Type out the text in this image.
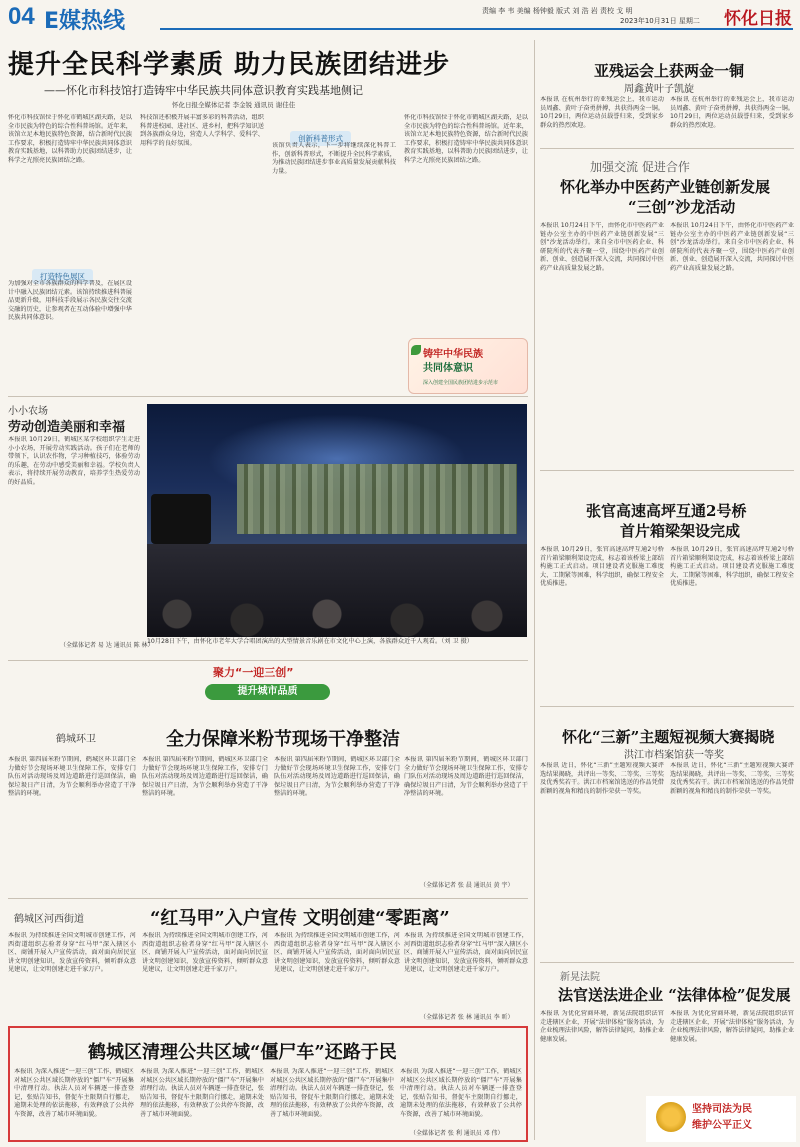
04 E媒热线	责编 李 韦 美编 杨钟毅 版式 刘 浩 岩 责校 戈 明
2023年10月31日 星期二 怀化日报
提升全民科学素质 助力民族团结进步
——怀化市科技馆打造铸牢中华民族共同体意识教育实践基地侧记
怀化日报全媒体记者 李金锐 通讯员 谢佳佳
怀化市科技馆位于怀化市鹤城区湖天路，是以全市民族为特色的综合性科普场馆。近年来，该馆立足本地民族特色资源，结合新时代民族工作要求，积极打造铸牢中华民族共同体意识教育实践基地，以科普助力民族团结进步，让科学之光照亮民族团结之路。
打造特色展区
为加强对全市各族群众的科学普及，在展区设计中融入民族团结元素。该馆持续推进科普展品更新升级，用科技手段展示各民族交往交流交融的历史，让参观者在互动体验中增强中华民族共同体意识。
科技馆还积极开展丰富多彩的科普活动，组织科普进校园、进社区、进乡村，把科学知识送到各族群众身边，营造人人学科学、爱科学、用科学的良好氛围。
创新科普形式
该馆负责人表示，下一步将继续深化科普工作，创新科普形式，不断提升全民科学素质，为推动民族团结进步事业高质量发展贡献科技力量。
怀化市科技馆位于怀化市鹤城区湖天路，是以全市民族为特色的综合性科普场馆。近年来，该馆立足本地民族特色资源，结合新时代民族工作要求，积极打造铸牢中华民族共同体意识教育实践基地，以科普助力民族团结进步，让科学之光照亮民族团结之路。
铸牢中华民族
共同体意识
深入创建全国民族团结进步示范市
小小农场
劳动创造美丽和幸福
本报讯 10月29日，鹤城区某学校组织学生走进小小农场，开展劳动实践活动。孩子们在老师的带领下，认识农作物，学习种植技巧，体验劳动的乐趣，在劳动中感受美丽和幸福。学校负责人表示，将持续开展劳动教育，培养学生热爱劳动的好品质。
（全媒体记者 易 达 通讯员 陈 林）
10月28日下午，由怀化市老年大学合唱团演出的大型情景音乐剧在市文化中心上演，各族群众近千人观看。（刘 卫 摄）
聚力“一迎三创”
提升城市品质
鹤城环卫	全力保障米粉节现场干净整洁
本报讯 第四届米粉节期间，鹤城区环卫部门全力做好节会现场环境卫生保障工作，安排专门队伍对活动现场及周边道路进行巡回保洁，确保垃圾日产日清，为节会顺利举办营造了干净整洁的环境。
本报讯 第四届米粉节期间，鹤城区环卫部门全力做好节会现场环境卫生保障工作，安排专门队伍对活动现场及周边道路进行巡回保洁，确保垃圾日产日清，为节会顺利举办营造了干净整洁的环境。
本报讯 第四届米粉节期间，鹤城区环卫部门全力做好节会现场环境卫生保障工作，安排专门队伍对活动现场及周边道路进行巡回保洁，确保垃圾日产日清，为节会顺利举办营造了干净整洁的环境。
本报讯 第四届米粉节期间，鹤城区环卫部门全力做好节会现场环境卫生保障工作，安排专门队伍对活动现场及周边道路进行巡回保洁，确保垃圾日产日清，为节会顺利举办营造了干净整洁的环境。
（全媒体记者 张 晨 通讯员 黄 宇）
鹤城区河西街道	“红马甲”入户宣传 文明创建“零距离”
本报讯 为持续推进全国文明城市创建工作，河西街道组织志验者身穿“红马甲”深入辖区小区、商铺开展入户宣传活动，面对面向居民宣讲文明创建知识，发放宣传资料，倾听群众意见建议，让文明创建走进千家万户。
本报讯 为持续推进全国文明城市创建工作，河西街道组织志验者身穿“红马甲”深入辖区小区、商铺开展入户宣传活动，面对面向居民宣讲文明创建知识，发放宣传资料，倾听群众意见建议，让文明创建走进千家万户。
本报讯 为持续推进全国文明城市创建工作，河西街道组织志验者身穿“红马甲”深入辖区小区、商铺开展入户宣传活动，面对面向居民宣讲文明创建知识，发放宣传资料，倾听群众意见建议，让文明创建走进千家万户。
本报讯 为持续推进全国文明城市创建工作，河西街道组织志验者身穿“红马甲”深入辖区小区、商铺开展入户宣传活动，面对面向居民宣讲文明创建知识，发放宣传资料，倾听群众意见建议，让文明创建走进千家万户。
（全媒体记者 张 林 通讯员 李 昕）
鹤城区清理公共区域“僵尸车”还路于民
本报讯 为深入推进“一迎三创”工作，鹤城区对城区公共区域长期停放的“僵尸车”开展集中清理行动。执法人员对车辆逐一排查登记，张贴告知书，督促车主限期自行挪走，逾期未处理的依法拖移，有效释放了公共停车资源，改善了城市环境面貌。
本报讯 为深入推进“一迎三创”工作，鹤城区对城区公共区域长期停放的“僵尸车”开展集中清理行动。执法人员对车辆逐一排查登记，张贴告知书，督促车主限期自行挪走，逾期未处理的依法拖移，有效释放了公共停车资源，改善了城市环境面貌。
本报讯 为深入推进“一迎三创”工作，鹤城区对城区公共区域长期停放的“僵尸车”开展集中清理行动。执法人员对车辆逐一排查登记，张贴告知书，督促车主限期自行挪走，逾期未处理的依法拖移，有效释放了公共停车资源，改善了城市环境面貌。
本报讯 为深入推进“一迎三创”工作，鹤城区对城区公共区域长期停放的“僵尸车”开展集中清理行动。执法人员对车辆逐一排查登记，张贴告知书，督促车主限期自行挪走，逾期未处理的依法拖移，有效释放了公共停车资源，改善了城市环境面貌。
（全媒体记者 张 利 通讯员 邓 伟）
亚残运会上获两金一铜
周鑫黄叶子凯旋
本报讯 在杭州举行的亚残运会上，我市运动员周鑫、黄叶子奋勇拼搏，共获得两金一铜。10月29日，两位运动员载誉归来，受到家乡群众的热烈欢迎。
本报讯 在杭州举行的亚残运会上，我市运动员周鑫、黄叶子奋勇拼搏，共获得两金一铜。10月29日，两位运动员载誉归来，受到家乡群众的热烈欢迎。
加强交流 促进合作
怀化举办中医药产业链创新发展
“三创”沙龙活动
本报讯 10月24日下午，由怀化市中医药产业链办公室主办的中医药产业链创新发展“三创”沙龙活动举行。来自全市中医药企业、科研院所的代表齐聚一堂，围绕中医药产业创新、创业、创造展开深入交流，共同探讨中医药产业高质量发展之路。
本报讯 10月24日下午，由怀化市中医药产业链办公室主办的中医药产业链创新发展“三创”沙龙活动举行。来自全市中医药企业、科研院所的代表齐聚一堂，围绕中医药产业创新、创业、创造展开深入交流，共同探讨中医药产业高质量发展之路。
张官高速高坪互通2号桥
首片箱梁架设完成
本报讯 10月29日，张官高速高坪互通2号桥首片箱梁顺利架设完成，标志着该桥梁上部结构施工正式启动。项目建设者克服施工难度大、工期紧等困难，科学组织，确保工程安全优质推进。
本报讯 10月29日，张官高速高坪互通2号桥首片箱梁顺利架设完成，标志着该桥梁上部结构施工正式启动。项目建设者克服施工难度大、工期紧等困难，科学组织，确保工程安全优质推进。
怀化“三新”主题短视频大赛揭晓
洪江市档案馆获一等奖
本报讯 近日，怀化“三新”主题短视频大赛评选结果揭晓，共评出一等奖、二等奖、三等奖及优秀奖若干。洪江市档案馆选送的作品凭借新颖的视角和精良的制作荣获一等奖。
本报讯 近日，怀化“三新”主题短视频大赛评选结果揭晓，共评出一等奖、二等奖、三等奖及优秀奖若干。洪江市档案馆选送的作品凭借新颖的视角和精良的制作荣获一等奖。
新晃法院
法官送法进企业 “法律体检”促发展
本报讯 为优化营商环境，新晃法院组织法官走进辖区企业，开展“法律体检”服务活动，为企业梳理法律风险，解答法律疑问，助推企业健康发展。
本报讯 为优化营商环境，新晃法院组织法官走进辖区企业，开展“法律体检”服务活动，为企业梳理法律风险，解答法律疑问，助推企业健康发展。
坚持司法为民
维护公平正义
